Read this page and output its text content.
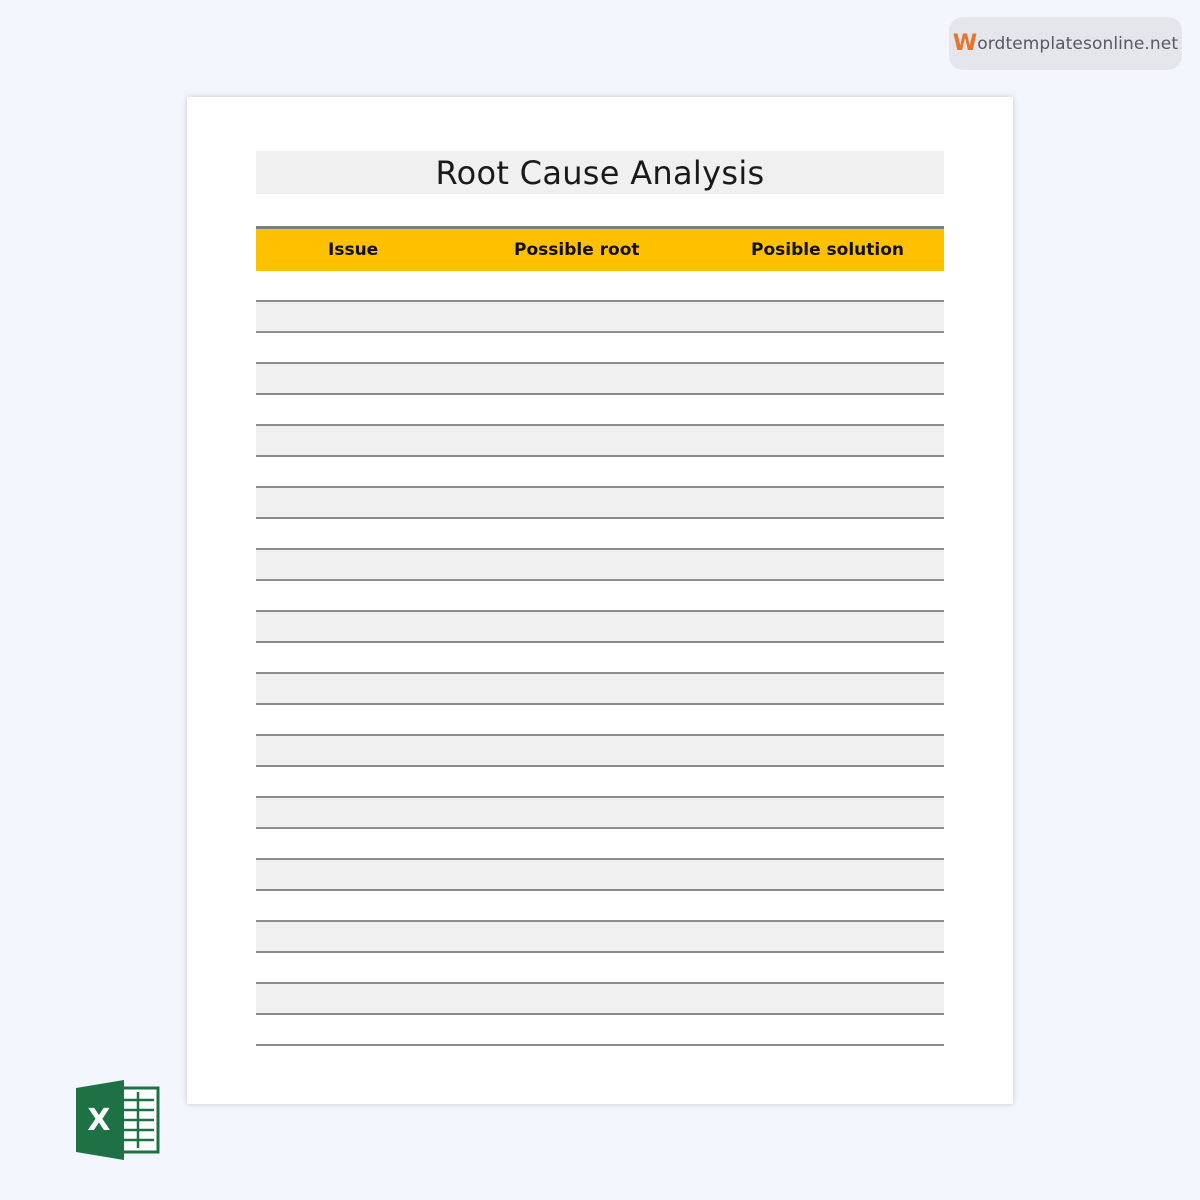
W ordtemplatesonline.net
Root Cause Analysis
Issue	Possible root	Posible solution
X
